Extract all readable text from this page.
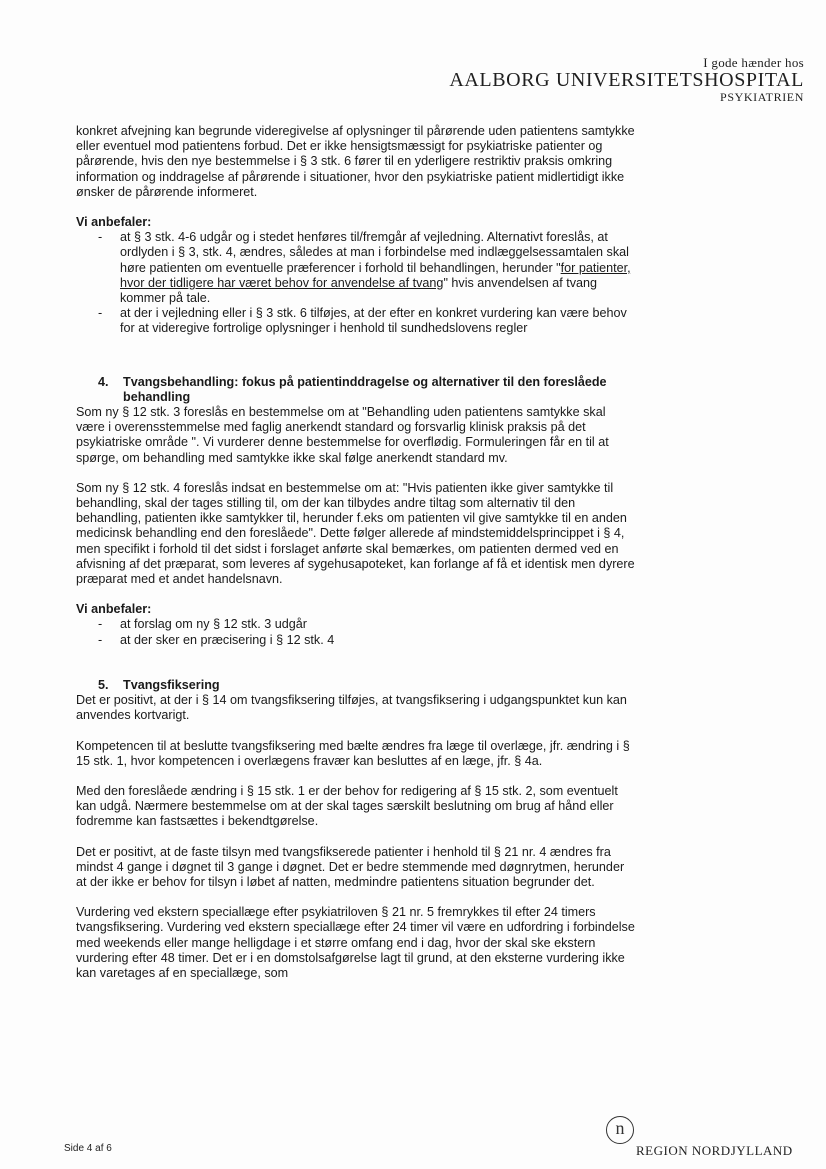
I gode hænder hos
AALBORG UNIVERSITETSHOSPITAL
PSYKIATRIEN

konkret afvejning kan begrunde videregivelse af oplysninger til pårørende uden patientens samtykke eller eventuel mod patientens forbud. Det er ikke hensigtsmæssigt for psykiatriske patienter og pårørende, hvis den nye bestemmelse i § 3 stk. 6 fører til en yderligere restriktiv praksis omkring information og inddragelse af pårørende i situationer, hvor den psykiatriske patient midlertidigt ikke ønsker de pårørende informeret.

Vi anbefaler:

-	at § 3 stk. 4-6 udgår og i stedet henføres til/fremgår af vejledning. Alternativt foreslås, at ordlyden i § 3, stk. 4, ændres, således at man i forbindelse med indlæggelsessamtalen skal høre patienten om eventuelle præferencer i forhold til behandlingen, herunder "for patienter, hvor der tidligere har været behov for anvendelse af tvang" hvis anvendelsen af tvang kommer på tale.
-	at der i vejledning eller i § 3 stk. 6 tilføjes, at der efter en konkret vurdering kan være behov for at videregive fortrolige oplysninger i henhold til sundhedslovens regler
4.	Tvangsbehandling: fokus på patientinddragelse og alternativer til den foreslåede behandling

Som ny § 12 stk. 3 foreslås en bestemmelse om at "Behandling uden patientens samtykke skal være i overensstemmelse med faglig anerkendt standard og forsvarlig klinisk praksis på det psykiatriske område ". Vi vurderer denne bestemmelse for overflødig. Formuleringen får en til at spørge, om behandling med samtykke ikke skal følge anerkendt standard mv.

Som ny § 12 stk. 4 foreslås indsat en bestemmelse om at: "Hvis patienten ikke giver samtykke til behandling, skal der tages stilling til, om der kan tilbydes andre tiltag som alternativ til den behandling, patienten ikke samtykker til, herunder f.eks om patienten vil give samtykke til en anden medicinsk behandling end den foreslåede". Dette følger allerede af mindstemiddelsprincippet i § 4, men specifikt i forhold til det sidst i forslaget anførte skal bemærkes, om patienten dermed ved en afvisning af det præparat, som leveres af sygehusapoteket, kan forlange af få et identisk men dyrere præparat med et andet handelsnavn.

Vi anbefaler:

-	at forslag om ny § 12 stk. 3 udgår
-	at der sker en præcisering i § 12 stk. 4
5.	Tvangsfiksering

Det er positivt, at der i § 14 om tvangsfiksering tilføjes, at tvangsfiksering i udgangspunktet kun kan anvendes kortvarigt.

Kompetencen til at beslutte tvangsfiksering med bælte ændres fra læge til overlæge, jfr. ændring i § 15 stk. 1, hvor kompetencen i overlægens fravær kan besluttes af en læge, jfr. § 4a.

Med den foreslåede ændring i § 15 stk. 1 er der behov for redigering af § 15 stk. 2, som eventuelt kan udgå. Nærmere bestemmelse om at der skal tages særskilt beslutning om brug af hånd eller fodremme kan fastsættes i bekendtgørelse.

Det er positivt, at de faste tilsyn med tvangsfikserede patienter i henhold til § 21 nr. 4 ændres fra mindst 4 gange i døgnet til 3 gange i døgnet. Det er bedre stemmende med døgnrytmen, herunder at der ikke er behov for tilsyn i løbet af natten, medmindre patientens situation begrunder det.

Vurdering ved ekstern speciallæge efter psykiatriloven § 21 nr. 5 fremrykkes til efter 24 timers tvangsfiksering. Vurdering ved ekstern speciallæge efter 24 timer vil være en udfordring i forbindelse med weekends eller mange helligdage i et større omfang end i dag, hvor der skal ske ekstern vurdering efter 48 timer. Det er i en domstolsafgørelse lagt til grund, at den eksterne vurdering ikke kan varetages af en speciallæge, som

Side 4 af 6
n
REGION NORDJYLLAND
